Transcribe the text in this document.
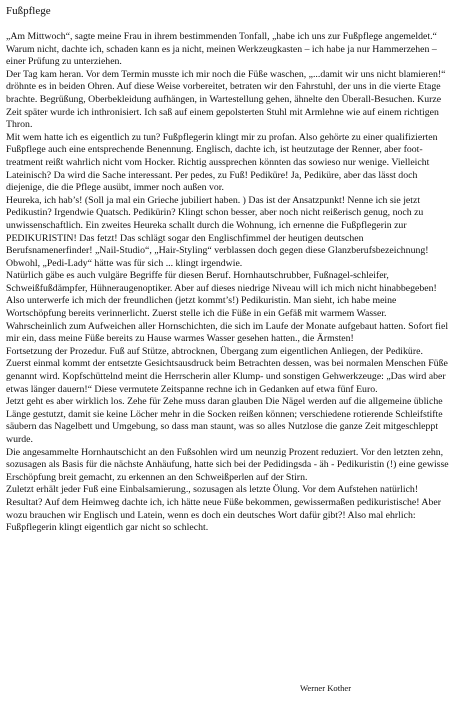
Fußpflege

„Am Mittwoch“, sagte meine Frau in ihrem bestimmenden Tonfall, „habe ich uns zur Fußpflege angemeldet.“ Warum nicht, dachte ich, schaden kann es ja nicht, meinen Werkzeugkasten – ich habe ja nur Hammerzehen – einer Prüfung zu unterziehen.

Der Tag kam heran. Vor dem Termin musste ich mir noch die Füße waschen, „...damit wir uns nicht blamieren!“ dröhnte es in beiden Ohren. Auf diese Weise vorbereitet, betraten wir den Fahrstuhl, der uns in die vierte Etage brachte. Begrüßung, Oberbekleidung aufhängen, in Wartestellung gehen, ähnelte den Überall-Besuchen. Kurze Zeit später wurde ich inthronisiert. Ich saß auf einem gepolsterten Stuhl mit Armlehne wie auf einem richtigen Thron.

Mit wem hatte ich es eigentlich zu tun? Fußpflegerin klingt mir zu profan. Also gehörte zu einer qualifizierten Fußpflege auch eine entsprechende Benennung. Englisch, dachte ich, ist heutzutage der Renner, aber foot-treatment reißt wahrlich nicht vom Hocker. Richtig aussprechen könnten das sowieso nur wenige. Vielleicht Lateinisch? Da wird die Sache interessant. Per pedes, zu Fuß! Pediküre! Ja, Pediküre, aber das lässt doch diejenige, die die Pflege ausübt, immer noch außen vor.

Heureka, ich hab’s! (Soll ja mal ein Grieche jubiliert haben. ) Das ist der Ansatzpunkt! Nenne ich sie jetzt Pedikustin? Irgendwie Quatsch. Pedikürin? Klingt schon besser, aber noch nicht reißerisch genug, noch zu unwissenschaftlich. Ein zweites Heureka schallt durch die Wohnung, ich ernenne die Fußpflegerin zur PEDIKURISTIN! Das fetzt! Das schlägt sogar den Englischfimmel der heutigen deutschen Berufsnamenerfinder! „Nail-Studio“, „Hair-Styling“ verblassen doch gegen diese Glanzberufsbezeichnung! Obwohl, „Pedi-Lady“ hätte was für sich ... klingt irgendwie.

Natürlich gäbe es auch vulgäre Begriffe für diesen Beruf. Hornhautschrubber, Fußnagel-schleifer, Schweißfußdämpfer, Hühneraugenoptiker. Aber auf dieses niedrige Niveau will ich mich nicht hinabbegeben!

Also unterwerfe ich mich der freundlichen (jetzt kommt’s!) Pedikuristin. Man sieht, ich habe meine Wortschöpfung bereits verinnerlicht. Zuerst stelle ich die Füße in ein Gefäß mit warmem Wasser. Wahrscheinlich zum Aufweichen aller Hornschichten, die sich im Laufe der Monate aufgebaut hatten. Sofort fiel mir ein, dass meine Füße bereits zu Hause warmes Wasser gesehen hatten., die Ärmsten!

Fortsetzung der Prozedur. Fuß auf Stütze, abtrocknen, Übergang zum eigentlichen Anliegen, der Pediküre. Zuerst einmal kommt der entsetzte Gesichtsausdruck beim Betrachten dessen, was bei normalen Menschen Füße genannt wird. Kopfschüttelnd meint die Herrscherin aller Klump- und sonstigen Gehwerkzeuge: „Das wird aber etwas länger dauern!“ Diese vermutete Zeitspanne rechne ich in Gedanken auf etwa fünf Euro.

Jetzt geht es aber wirklich los. Zehe für Zehe muss daran glauben Die Nägel werden auf die allgemeine übliche Länge gestutzt, damit sie keine Löcher mehr in die Socken reißen können; verschiedene rotierende Schleifstifte säubern das Nagelbett und Umgebung, so dass man staunt, was so alles Nutzlose die ganze Zeit mitgeschleppt wurde.

Die angesammelte Hornhautschicht an den Fußsohlen wird um neunzig Prozent reduziert. Vor den letzten zehn, sozusagen als Basis für die nächste Anhäufung, hatte sich bei der Pedidingsda - äh - Pedikuristin (!) eine gewisse Erschöpfung breit gemacht, zu erkennen an den Schweißperlen auf der Stirn.

Zuletzt erhält jeder Fuß eine Einbalsamierung., sozusagen als letzte Ölung. Vor dem Aufstehen natürlich!

Resultat? Auf dem Heimweg dachte ich, ich hätte neue Füße bekommen, gewissermaßen pedikuristische! Aber wozu brauchen wir Englisch und Latein, wenn es doch ein deutsches Wort dafür gibt?! Also mal ehrlich: Fußpflegerin klingt eigentlich gar nicht so schlecht.

Werner Kother
